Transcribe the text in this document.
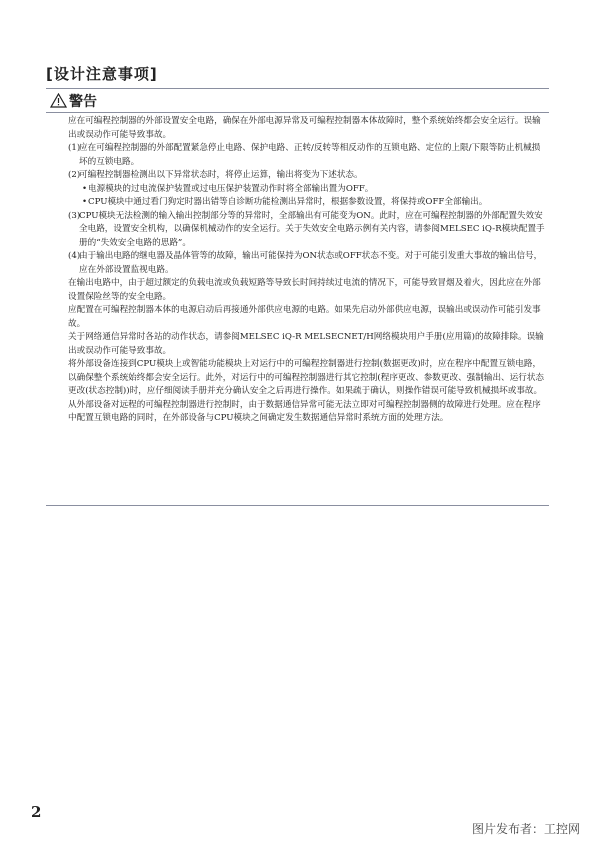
[设计注意事项]
警告

应在可编程控制器的外部设置安全电路，确保在外部电源异常及可编程控制器本体故障时，整个系统始终都会安全运行。误输出或误动作可能导致事故。

(1)
应在可编程控制器的外部配置紧急停止电路、保护电路、正转/反转等相反动作的互锁电路、定位的上限/下限等防止机械损坏的互锁电路。
(2)
可编程控制器检测出以下异常状态时，将停止运算，输出将变为下述状态。
• 电源模块的过电流保护装置或过电压保护装置动作时将全部输出置为OFF。
• CPU模块中通过看门狗定时器出错等自诊断功能检测出异常时，根据参数设置，将保持或OFF全部输出。
(3)
CPU模块无法检测的输入输出控制部分等的异常时，全部输出有可能变为ON。此时，应在可编程控制器的外部配置失效安全电路，设置安全机构，以确保机械动作的安全运行。关于失效安全电路示例有关内容，请参阅MELSEC iQ-R模块配置手册的“失效安全电路的思路”。
(4)
由于输出电路的继电器及晶体管等的故障，输出可能保持为ON状态或OFF状态不变。对于可能引发重大事故的输出信号，应在外部设置监视电路。

在输出电路中，由于超过额定的负载电流或负载短路等导致长时间持续过电流的情况下，可能导致冒烟及着火，因此应在外部设置保险丝等的安全电路。

应配置在可编程控制器本体的电源启动后再接通外部供应电源的电路。如果先启动外部供应电源，误输出或误动作可能引发事故。

关于网络通信异常时各站的动作状态，请参阅MELSEC iQ-R MELSECNET/H网络模块用户手册(应用篇)的故障排除。误输出或误动作可能导致事故。

将外部设备连接到CPU模块上或智能功能模块上对运行中的可编程控制器进行控制(数据更改)时，应在程序中配置互锁电路，以确保整个系统始终都会安全运行。此外，对运行中的可编程控制器进行其它控制(程序更改、参数更改、强制输出、运行状态更改(状态控制))时，应仔细阅读手册并充分确认安全之后再进行操作。如果疏于确认，则操作错误可能导致机械损坏或事故。

从外部设备对远程的可编程控制器进行控制时，由于数据通信异常可能无法立即对可编程控制器侧的故障进行处理。应在程序中配置互锁电路的同时，在外部设备与CPU模块之间确定发生数据通信异常时系统方面的处理方法。

2
图片发布者：工控网
